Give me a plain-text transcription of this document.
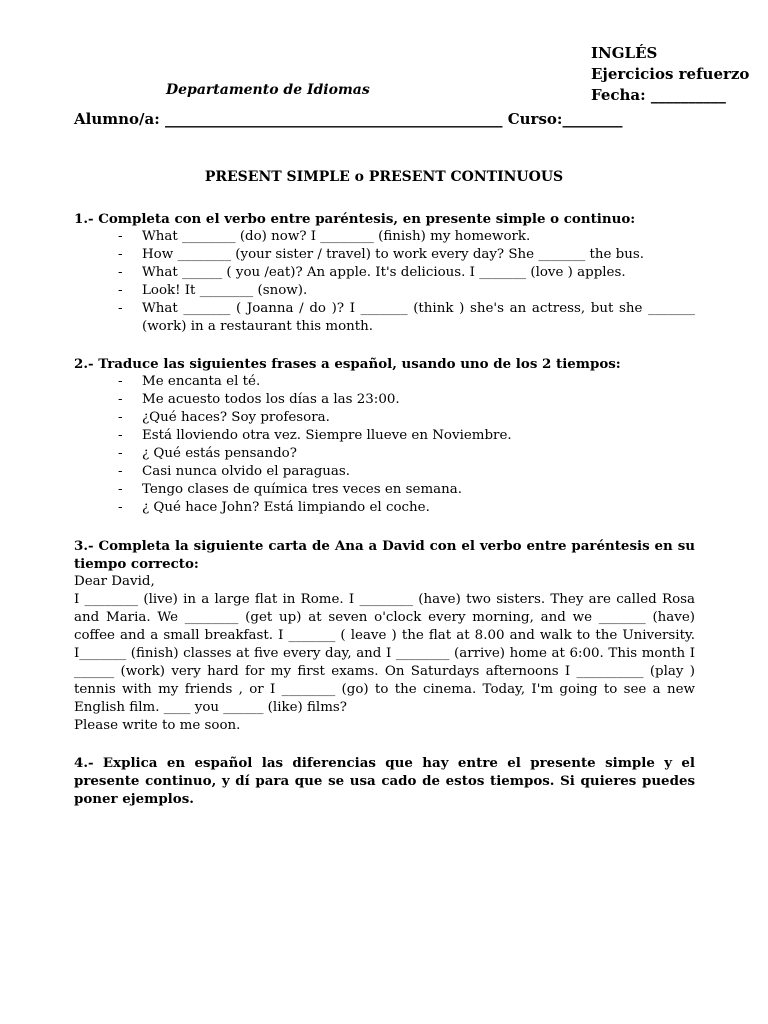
INGLÉS
Ejercicios refuerzo
Fecha: __________
Departamento de Idiomas
Alumno/a: _____________________________________________ Curso:________
PRESENT SIMPLE o PRESENT CONTINUOUS
1.- Completa con el verbo entre paréntesis, en presente simple o continuo:
- What ________ (do) now? I ________ (finish) my homework.
- How ________ (your sister / travel) to work every day? She _______ the bus.
- What ______ ( you /eat)? An apple. It's delicious. I _______ (love ) apples.
- Look! It ________ (snow).
- What _______ ( Joanna / do )? I _______ (think ) she's an actress, but she _______ (work) in a restaurant this month.
2.- Traduce las siguientes frases a español, usando uno de los 2 tiempos:
- Me encanta el té.
- Me acuesto todos los días a las 23:00.
- ¿Qué haces? Soy profesora.
- Está lloviendo otra vez. Siempre llueve en Noviembre.
- ¿ Qué estás pensando?
- Casi nunca olvido el paraguas.
- Tengo clases de química tres veces en semana.
- ¿ Qué hace John? Está limpiando el coche.
3.- Completa la siguiente carta de Ana a David con el verbo entre paréntesis en su tiempo correcto:

Dear David,

I ________ (live) in a large flat in Rome. I ________ (have) two sisters. They are called Rosa and Maria. We ________ (get up) at seven o'clock every morning, and we _______ (have) coffee and a small breakfast. I _______ ( leave ) the flat at 8.00 and walk to the University. I_______ (finish) classes at five every day, and I ________ (arrive) home at 6:00. This month I ______ (work) very hard for my first exams. On Saturdays afternoons I __________ (play ) tennis with my friends , or I ________ (go) to the cinema. Today, I'm going to see a new English film. ____ you ______ (like) films?

Please write to me soon.

4.- Explica en español las diferencias que hay entre el presente simple y el presente continuo, y dí para que se usa cado de estos tiempos. Si quieres puedes poner ejemplos.
